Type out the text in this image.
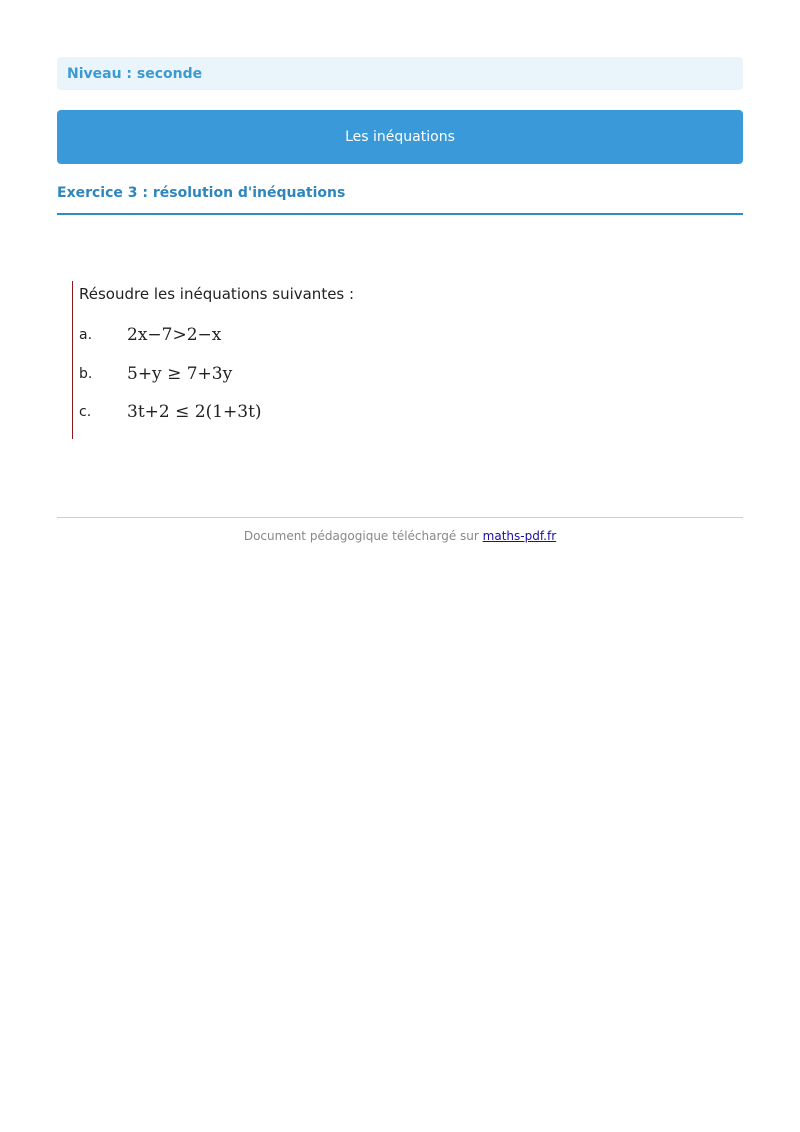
Niveau : seconde
Les inéquations
Exercice 3 : résolution d'inéquations
Résoudre les inéquations suivantes :
a.	2x−7>2−x
b.	5+y ≥ 7+3y
c.	3t+2 ≤ 2(1+3t)
Document pédagogique téléchargé sur maths-pdf.fr
